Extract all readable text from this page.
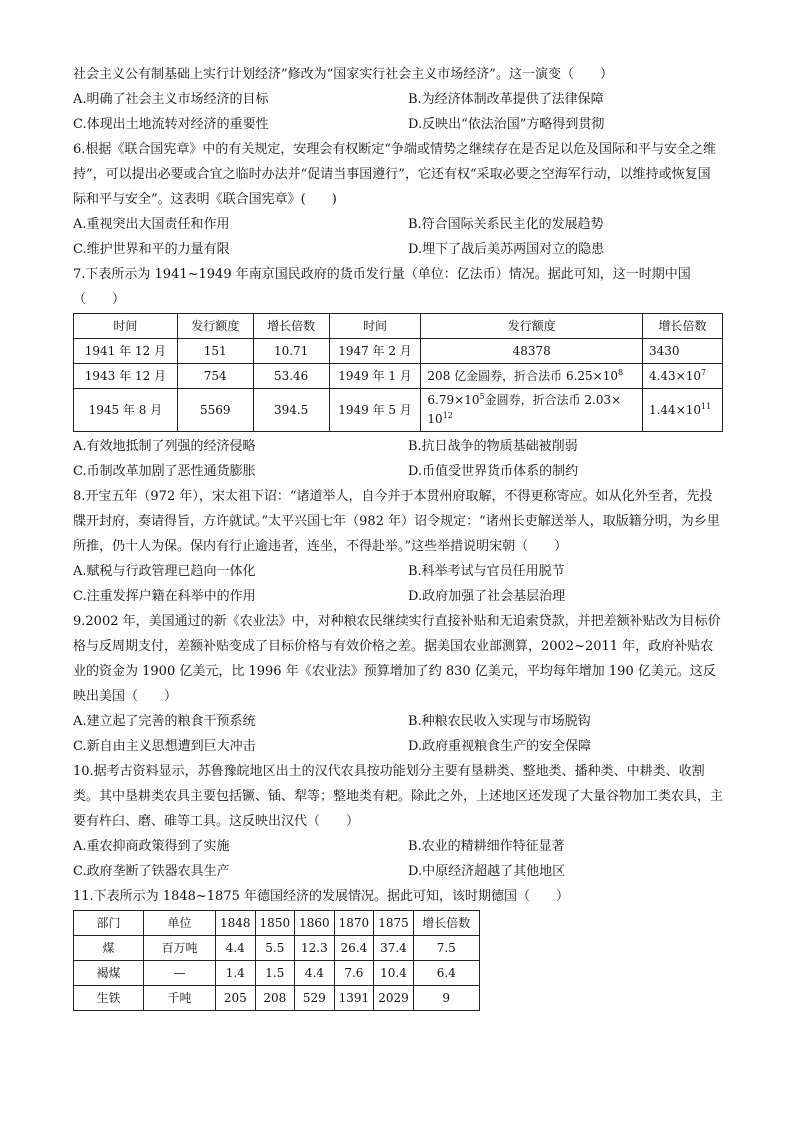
社会主义公有制基础上实行计划经济”修改为“国家实行社会主义市场经济”。这一演变（　　）

A.明确了社会主义市场经济的目标	B.为经济体制改革提供了法律保障
C.体现出土地流转对经济的重要性	D.反映出“依法治国”方略得到贯彻

6.根据《联合国宪章》中的有关规定，安理会有权断定“争端或情势之继续存在是否足以危及国际和平与安全之维持”，可以提出必要或合宜之临时办法并“促请当事国遵行”，它还有权“采取必要之空海军行动，以维持或恢复国际和平与安全”。这表明《联合国宪章》(　　)

A.重视突出大国责任和作用	B.符合国际关系民主化的发展趋势
C.维护世界和平的力量有限	D.埋下了战后美苏两国对立的隐患

7.下表所示为 1941~1949 年南京国民政府的货币发行量（单位：亿法币）情况。据此可知，这一时期中国（　　）

时间	发行额度	增长倍数	时间	发行额度	增长倍数
1941 年 12 月	151	10.71	1947 年 2 月	48378	3430
1943 年 12 月	754	53.46	1949 年 1 月	208 亿金圆券，折合法币 $6.25\times 10^8$	$4.43\times 10^7$
1945 年 8 月	5569	394.5	1949 年 5 月	$6.79\times 10^5$金圆券，折合法币 2.03×
$10^{12}$	$1.44\times 10^{11}$
A.有效地抵制了列强的经济侵略	B.抗日战争的物质基础被削弱
C.币制改革加剧了恶性通货膨胀	D.币值受世界货币体系的制约

8.开宝五年（972 年），宋太祖下诏：“诸道举人，自今并于本贯州府取解，不得更称寄应。如从化外至者，先投牒开封府，奏请得旨，方许就试。”太平兴国七年（982 年）诏令规定：“诸州长吏解送举人，取版籍分明，为乡里所推，仍十人为保。保内有行止逾违者，连坐，不得赴举。”这些举措说明宋朝（　　）

A.赋税与行政管理已趋向一体化	B.科举考试与官员任用脱节
C.注重发挥户籍在科举中的作用	D.政府加强了社会基层治理

9.2002 年，美国通过的新《农业法》中，对种粮农民继续实行直接补贴和无追索贷款，并把差额补贴改为目标价格与反周期支付，差额补贴变成了目标价格与有效价格之差。据美国农业部测算，2002~2011 年，政府补贴农业的资金为 1900 亿美元，比 1996 年《农业法》预算增加了约 830 亿美元，平均每年增加 190 亿美元。这反映出美国（　　）

A.建立起了完善的粮食干预系统	B.种粮农民收入实现与市场脱钩
C.新自由主义思想遭到巨大冲击	D.政府重视粮食生产的安全保障

10.据考古资料显示，苏鲁豫皖地区出土的汉代农具按功能划分主要有垦耕类、整地类、播种类、中耕类、收割类。其中垦耕类农具主要包括镢、锸、犁等；整地类有耙。除此之外，上述地区还发现了大量谷物加工类农具，主要有杵臼、磨、碓等工具。这反映出汉代（　　）

A.重农抑商政策得到了实施	B.农业的精耕细作特征显著
C.政府垄断了铁器农具生产	D.中原经济超越了其他地区

11.下表所示为 1848~1875 年德国经济的发展情况。据此可知，该时期德国（　　）

部门	单位	1848	1850	1860	1870	1875	增长倍数
煤	百万吨	4.4	5.5	12.3	26.4	37.4	7.5
褐煤	—	1.4	1.5	4.4	7.6	10.4	6.4
生铁	千吨	205	208	529	1391	2029	9
